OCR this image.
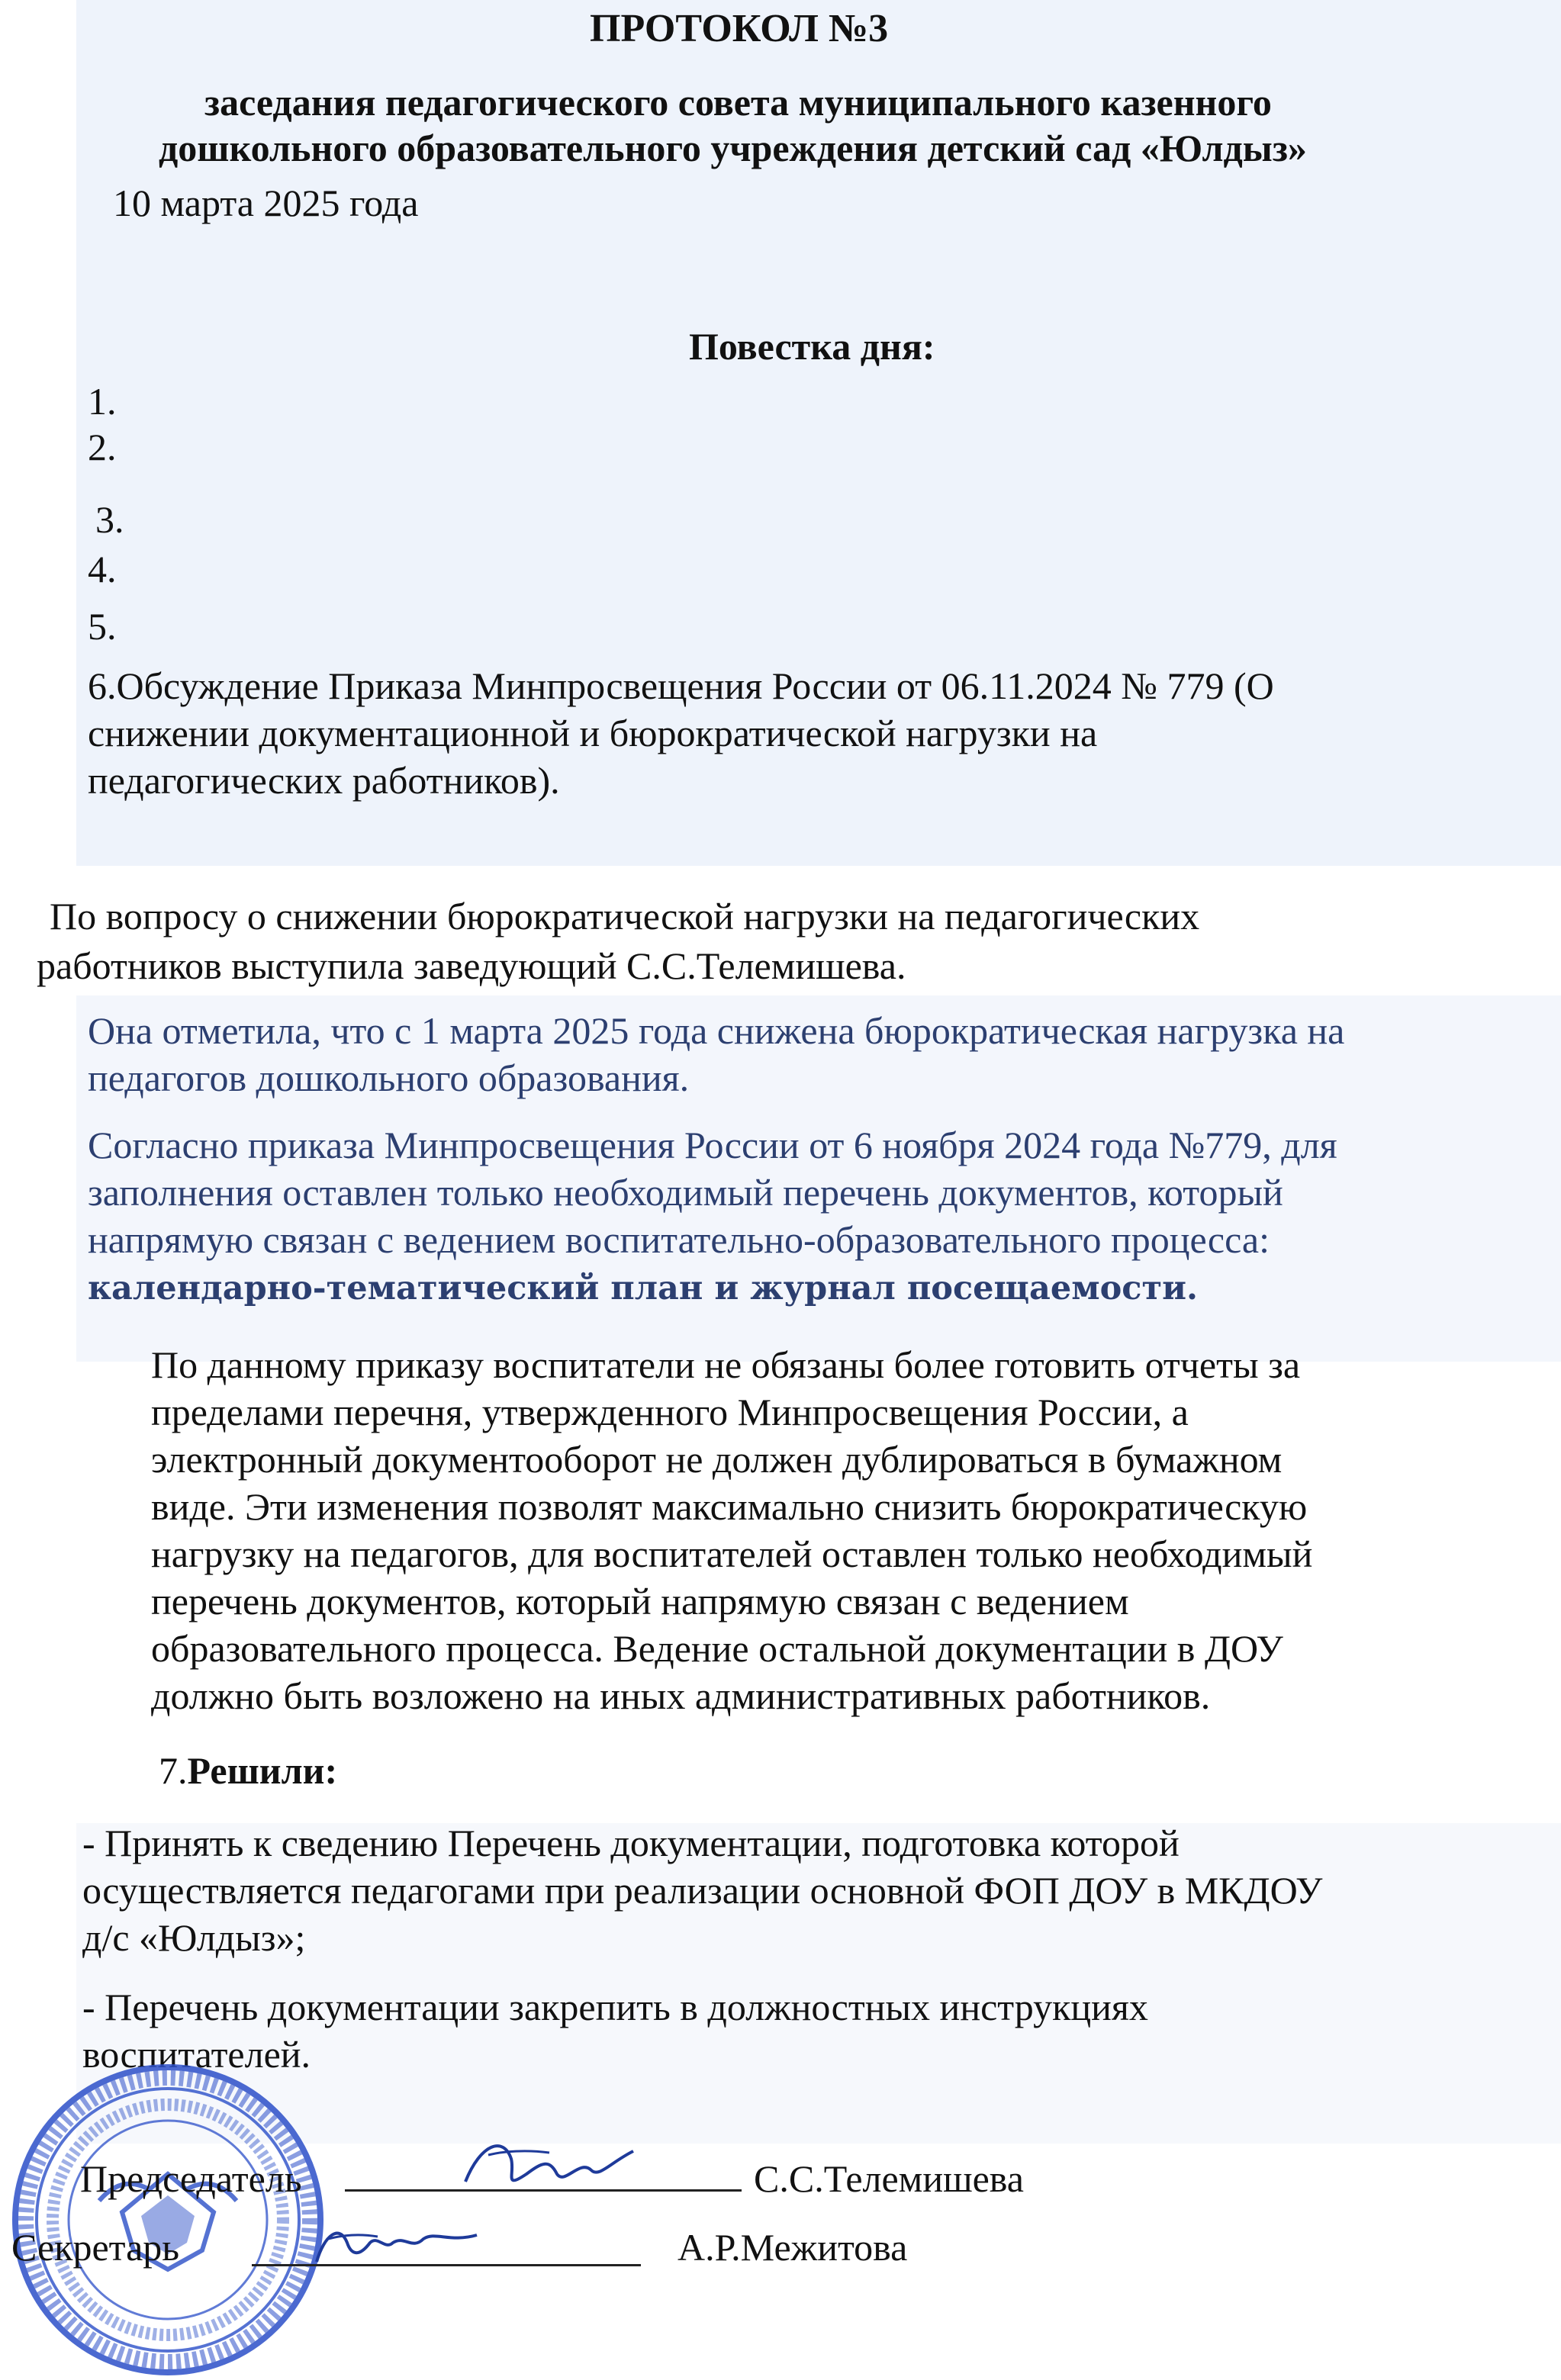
ПРОТОКОЛ №3
заседания педагогического совета муниципального казенного
дошкольного образовательного учреждения детский сад «Юлдыз»
10 марта 2025 года
Повестка дня:
1.
2.
3.
4.
5.
6.Обсуждение Приказа Минпросвещения России от 06.11.2024 № 779 (О
снижении документационной и бюрократической нагрузки на
педагогических работников).
По вопросу о снижении бюрократической нагрузки на педагогических
работников выступила заведующий С.С.Телемишева.
Она отметила, что с 1 марта 2025 года снижена бюрократическая нагрузка на
педагогов дошкольного образования.
Согласно приказа Минпросвещения России от 6 ноября 2024 года №779, для
заполнения оставлен только необходимый перечень документов, который
напрямую связан с ведением воспитательно-образовательного процесса:
календарно-тематический план и журнал посещаемости.
По данному приказу воспитатели не обязаны более готовить отчеты за
пределами перечня, утвержденного Минпросвещения России, а
электронный документооборот не должен дублироваться в бумажном
виде. Эти изменения позволят максимально снизить бюрократическую
нагрузку на педагогов, для воспитателей оставлен только необходимый
перечень документов, который напрямую связан с ведением
образовательного процесса. Ведение остальной документации в ДОУ
должно быть возложено на иных административных работников.
7.Решили:
- Принять к сведению Перечень документации, подготовка которой
осуществляется педагогами при реализации основной ФОП ДОУ в МКДОУ
д/с «Юлдыз»;
- Перечень документации закрепить в должностных инструкциях
воспитателей.
Председатель	С.С.Телемишева
Секретарь	А.Р.Межитова
